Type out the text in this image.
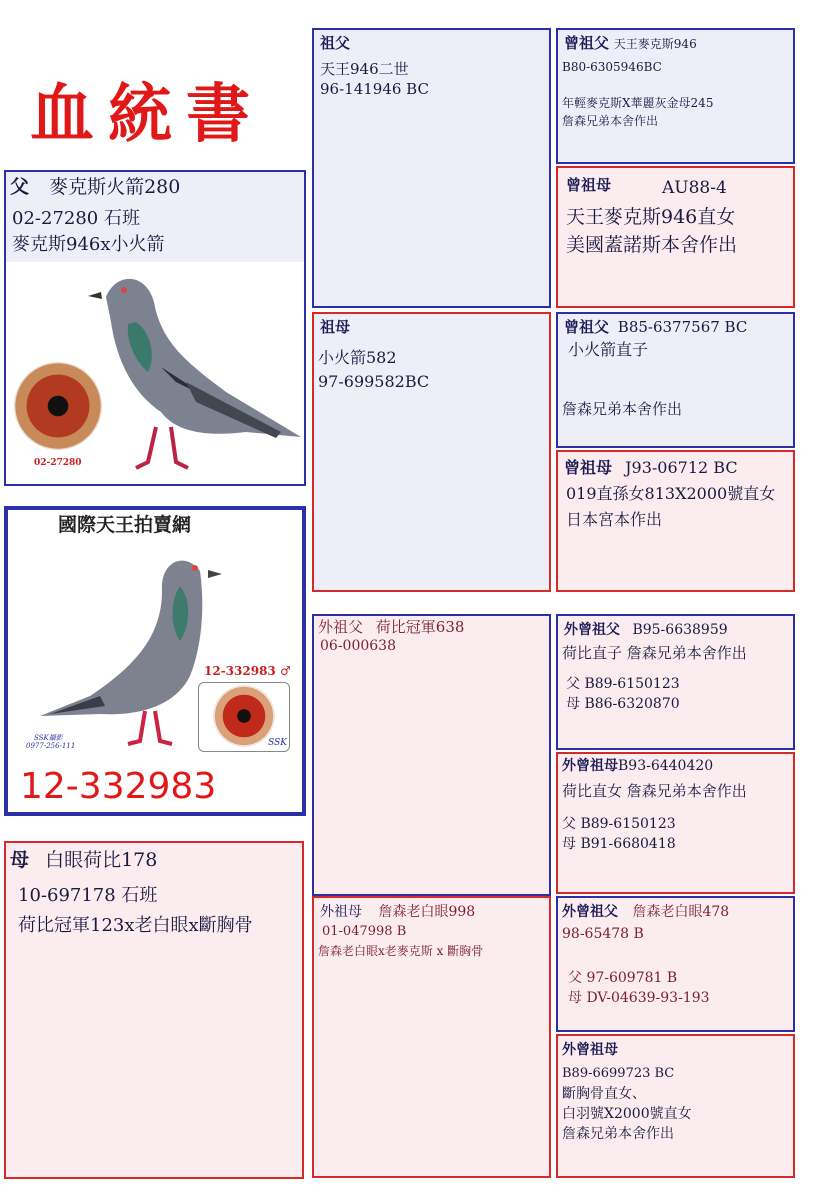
血統書
父 麥克斯火箭280
02-27280 石班
麥克斯946x小火箭
02-27280
國際天王拍賣網
12-332983 ♂
SSK
SSK攝影
0977-256-111
12-332983
母 白眼荷比178
10-697178 石班
荷比冠軍123x老白眼x斷胸骨
祖父
天王946二世
96-141946 BC
祖母
小火箭582
97-699582BC
外祖父 荷比冠軍638
06-000638
外祖母 詹森老白眼998
01-047998 B
詹森老白眼x老麥克斯 x 斷胸骨
曾祖父 天王麥克斯946
B80-6305946BC
年輕麥克斯X華麗灰金母245
詹森兄弟本舍作出
曾祖母	AU88-4
天王麥克斯946直女
美國蓋諾斯本舍作出
曾祖父 B85-6377567 BC
小火箭直子
詹森兄弟本舍作出
曾祖母 J93-06712 BC
019直孫女813X2000號直女
日本宮本作出
外曾祖父 B95-6638959
荷比直子 詹森兄弟本舍作出
父 B89-6150123
母 B86-6320870
外曾祖母B93-6440420
荷比直女 詹森兄弟本舍作出
父 B89-6150123
母 B91-6680418
外曾祖父 詹森老白眼478
98-65478 B
父 97-609781 B
母 DV-04639-93-193
外曾祖母
B89-6699723 BC
斷胸骨直女、
白羽號X2000號直女
詹森兄弟本舍作出
